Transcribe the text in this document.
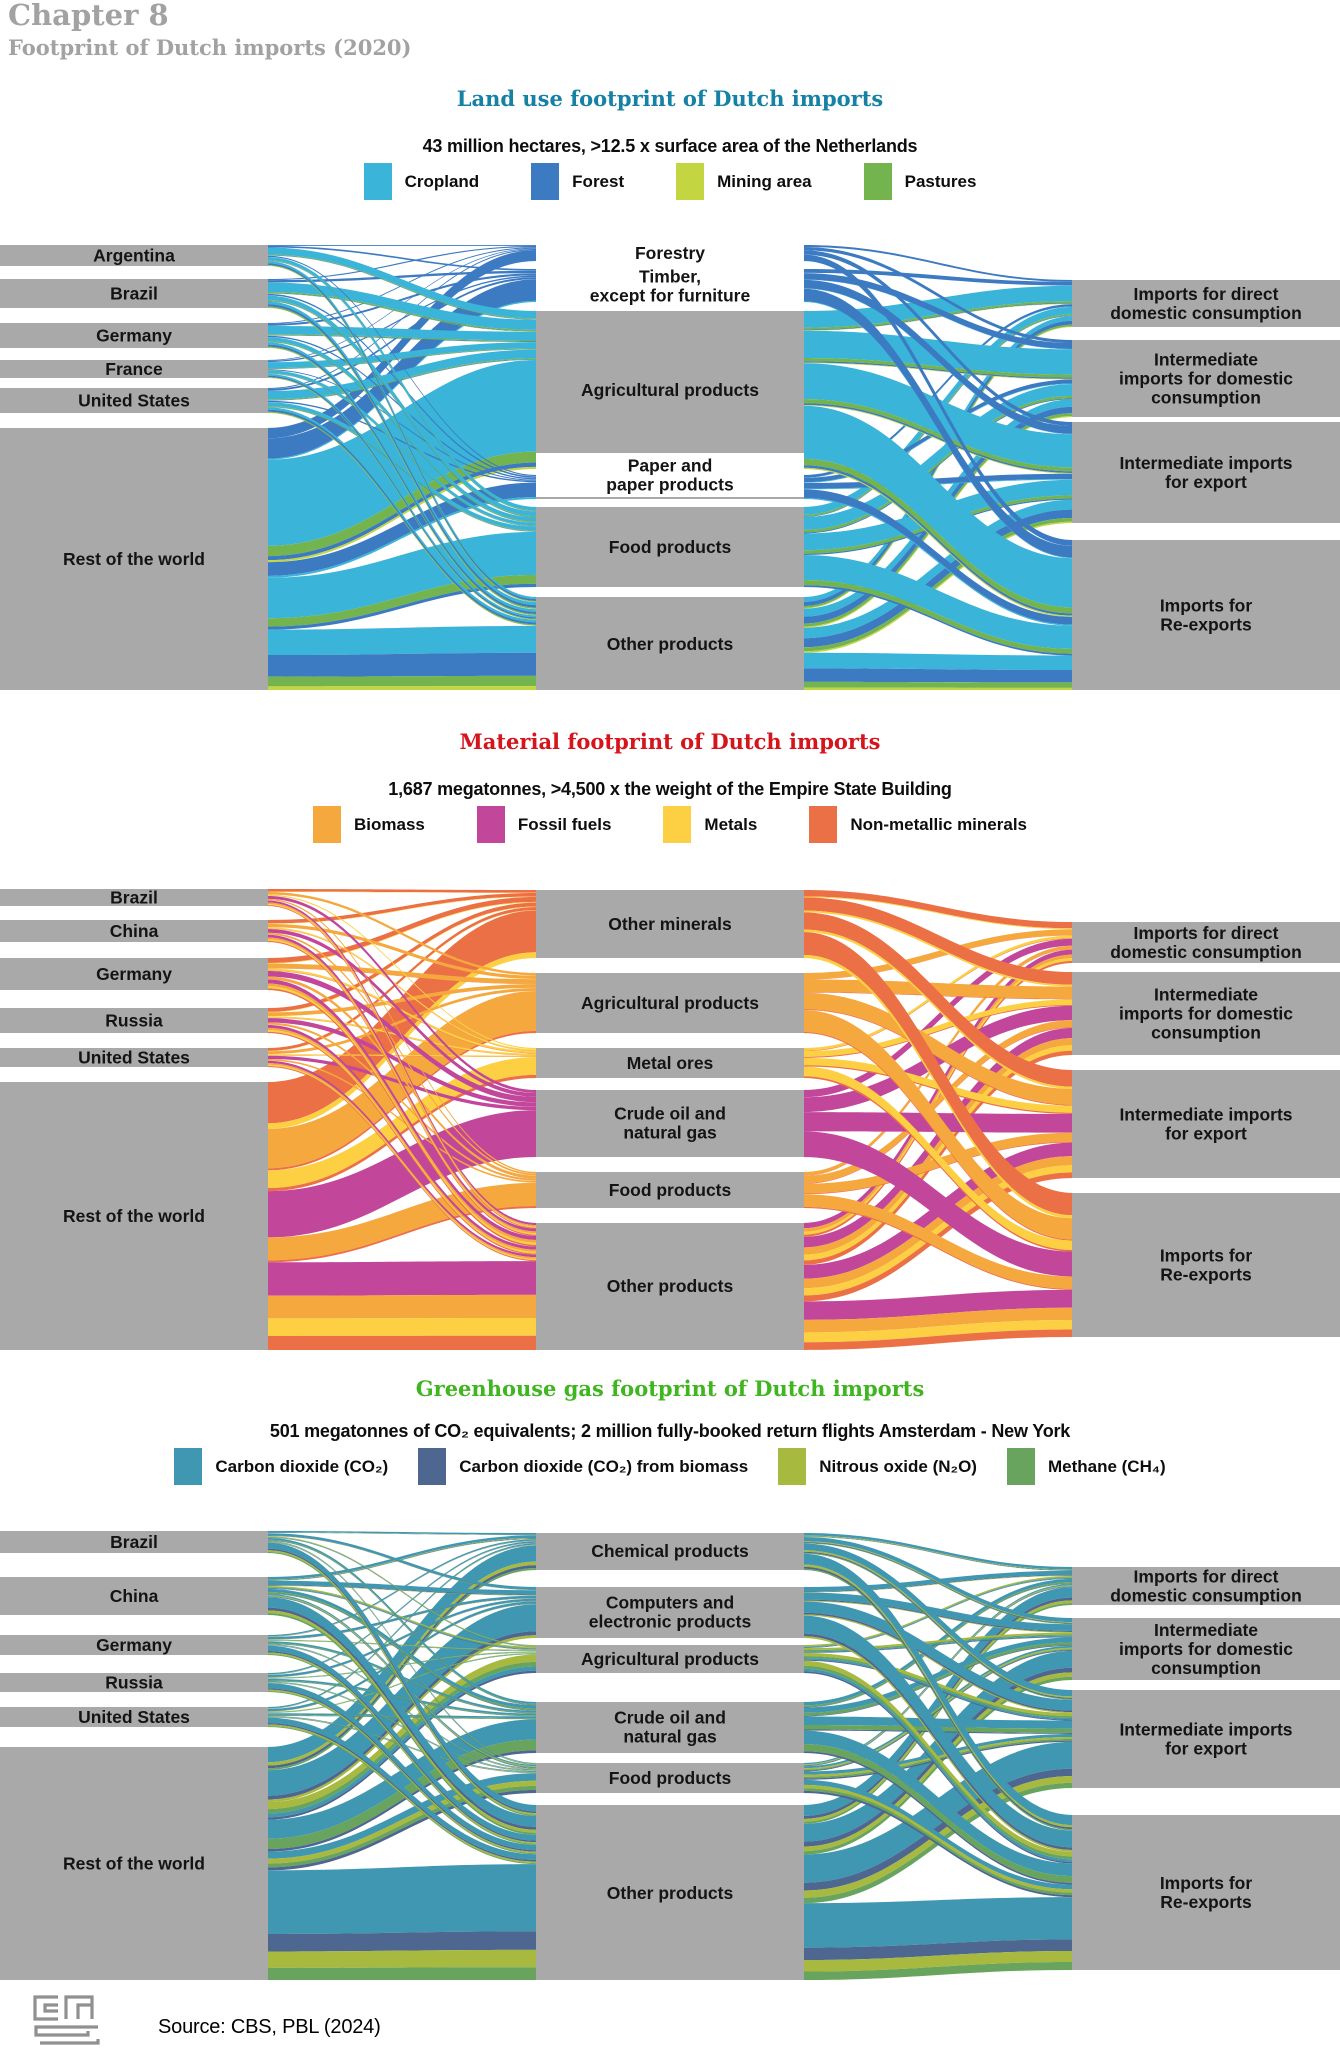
Chapter 8
Footprint of Dutch imports (2020)
Land use footprint of Dutch imports

43 million hectares, >12.5 x surface area of the Netherlands

Cropland	Forest	Mining area	Pastures
Argentina
Brazil
Germany
France
United States
Rest of the world
Forestry
Timber, except for furniture
Agricultural products
Paper and paper products
Food products
Other products
Imports for direct domestic consumption
Intermediate imports for domestic consumption
Intermediate imports for export
Imports for Re-exports
Material footprint of Dutch imports

1,687 megatonnes, >4,500 x the weight of the Empire State Building

Biomass	Fossil fuels	Metals	Non-metallic minerals
Brazil
China
Germany
Russia
United States
Rest of the world
Other minerals
Agricultural products
Metal ores
Crude oil and natural gas
Food products
Other products
Imports for direct domestic consumption
Intermediate imports for domestic consumption
Intermediate imports for export
Imports for Re-exports
Greenhouse gas footprint of Dutch imports

501 megatonnes of CO₂ equivalents; 2 million fully-booked return flights Amsterdam - New York

Carbon dioxide (CO₂)	Carbon dioxide (CO₂) from biomass	Nitrous oxide (N₂O)	Methane (CH₄)
Brazil
China
Germany
Russia
United States
Rest of the world
Chemical products
Computers and electronic products
Agricultural products
Crude oil and natural gas
Food products
Other products
Imports for direct domestic consumption
Intermediate imports for domestic consumption
Intermediate imports for export
Imports for Re-exports
Source: CBS, PBL (2024)
